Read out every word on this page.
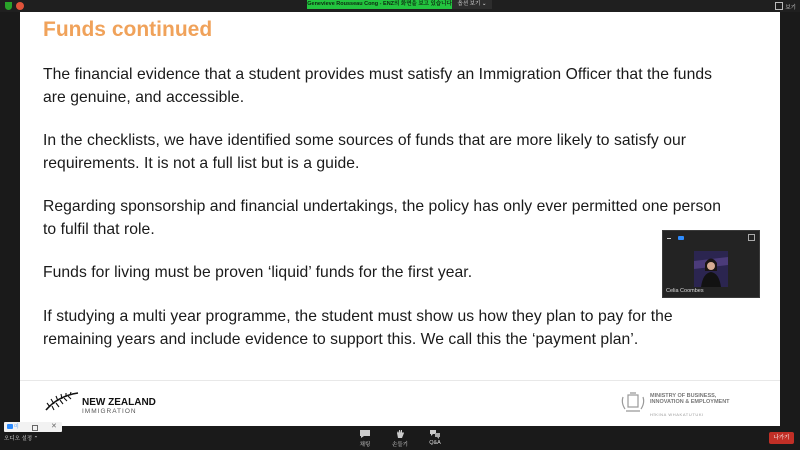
Genevieve Rousseau Cong - ENZ의 화면을 보고 있습니다	옵션 보기 ⌄
보기
Funds continued
The financial evidence that a student provides must satisfy an Immigration Officer that the funds are genuine, and accessible.
In the checklists, we have identified some sources of funds that are more likely to satisfy our requirements. It is not a full list but is a guide.
Regarding sponsorship and financial undertakings, the policy has only ever permitted one person to fulfil that role.
Funds for living must be proven ‘liquid’ funds for the first year.
If studying a multi year programme, the student must show us how they plan to pay for the remaining years and include evidence to support this. We call this the ‘payment plan’.
NEW ZEALAND
IMMIGRATION
MINISTRY OF BUSINESS,
INNOVATION & EMPLOYMENT
HĪKINA WHAKATUTUKI
Celia Coombes
미	✕
오디오 설정 ⌃
채팅	손들기	Q&A
나가기
